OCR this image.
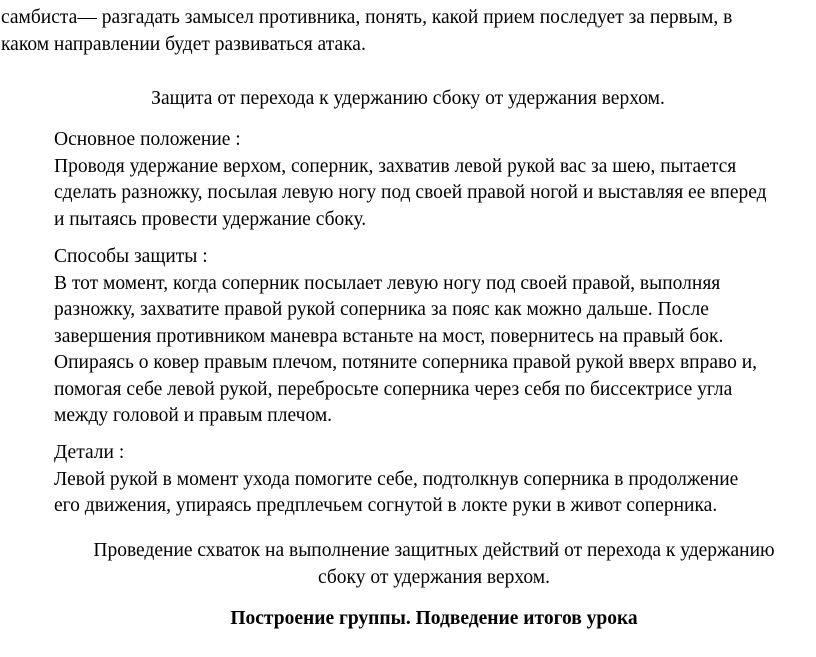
самбиста— разгадать замысел противника, понять, какой прием последует за первым, в
каком направлении будет развиваться атака.
Защита от перехода к удержанию сбоку от удержания верхом.
Основное положение :
Проводя удержание верхом, соперник, захватив левой рукой вас за шею, пытается
сделать разножку, посылая левую ногу под своей правой ногой и выставляя ее вперед
и пытаясь провести удержание сбоку.
Способы защиты :
В тот момент, когда соперник посылает левую ногу под своей правой, выполняя
разножку, захватите правой рукой соперника за пояс как можно дальше. После
завершения противником маневра встаньте на мост, повернитесь на правый бок.
Опираясь о ковер правым плечом, потяните соперника правой рукой вверх вправо и,
помогая себе левой рукой, перебросьте соперника через себя по биссектрисе угла
между головой и правым плечом.
Детали :
Левой рукой в момент ухода помогите себе, подтолкнув соперника в продолжение
его движения, упираясь предплечьем согнутой в локте руки в живот соперника.
Проведение схваток на выполнение защитных действий от перехода к удержанию
сбоку от удержания верхом.
Построение группы. Подведение итогов урока
